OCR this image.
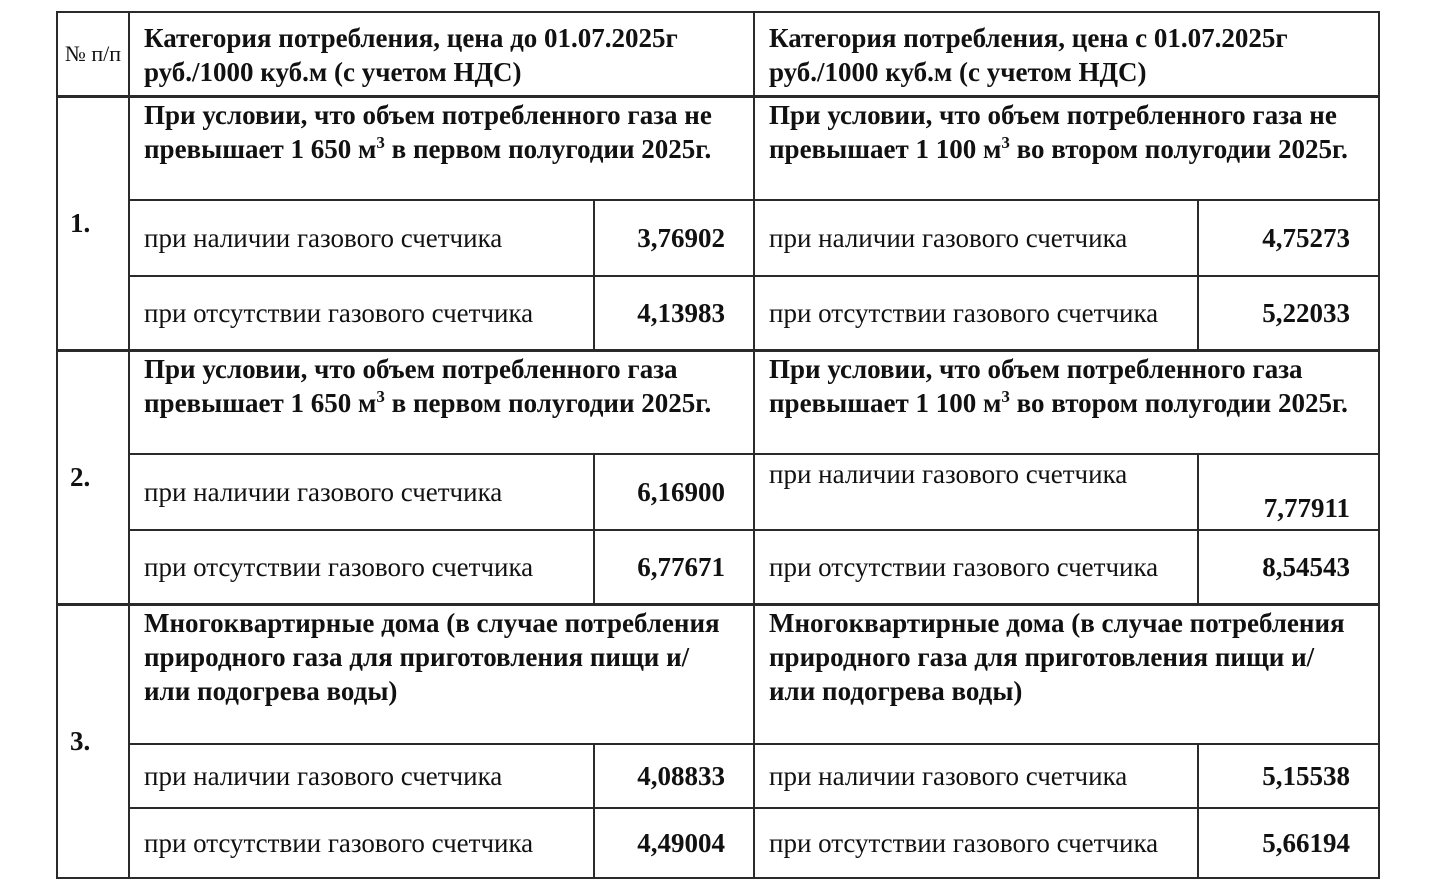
№ п/п	Категория потребления, цена до 01.07.2025г руб./1000 куб.м (с учетом НДС)		Категория потребления, цена с 01.07.2025г руб./1000 куб.м (с учетом НДС)	
1.	При условии, что объем потребленного газа не превышает 1 650 $м^3$ в первом полугодии 2025г.		При условии, что объем потребленного газа не превышает 1 100 $м^3$ во втором полугодии 2025г.	
	при наличии газового счетчика	3,76902	при наличии газового счетчика	4,75273
	при отсутствии газового счетчика	4,13983	при отсутствии газового счетчика	5,22033
2.	При условии, что объем потребленного газа превышает 1 650 $м^3$ в первом полугодии 2025г.		При условии, что объем потребленного газа превышает 1 100 $м^3$ во втором полугодии 2025г.	
	при наличии газового счетчика	6,16900	при наличии газового счетчика	7,77911
	при отсутствии газового счетчика	6,77671	при отсутствии газового счетчика	8,54543
3.	Многоквартирные дома (в случае потребления природного газа для приготовления пищи и/ или подогрева воды)		Многоквартирные дома (в случае потребления природного газа для приготовления пищи и/ или подогрева воды)	
	при наличии газового счетчика	4,08833	при наличии газового счетчика	5,15538
	при отсутствии газового счетчика	4,49004	при отсутствии газового счетчика	5,66194
